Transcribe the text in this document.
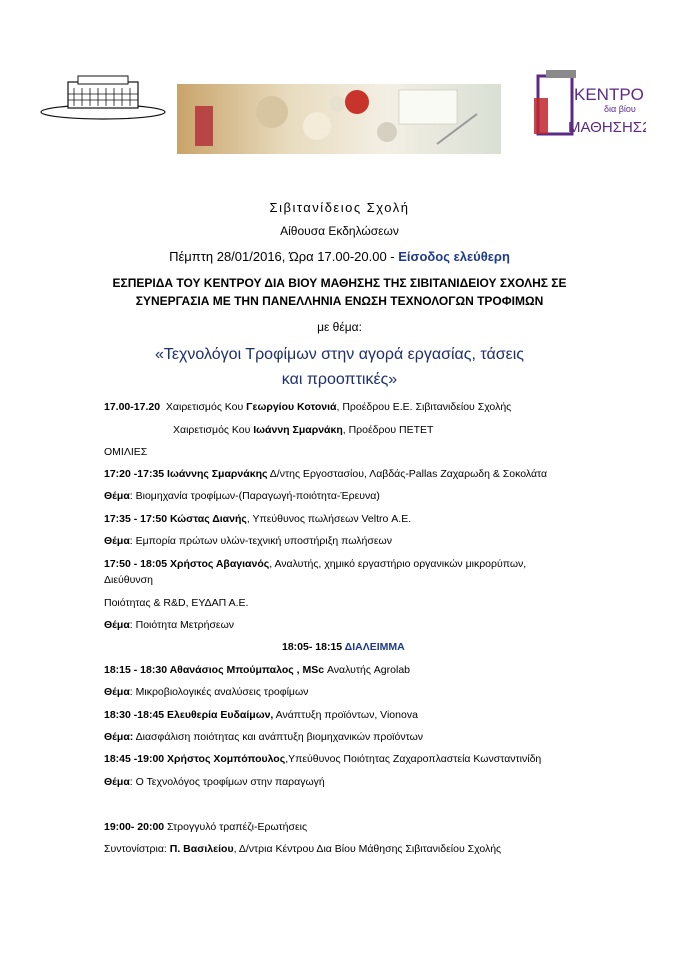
ΚΕΝΤΡΟ
δια βίου
ΜΑΘΗΣΗΣ2
Σιβιτανίδειος Σχολή
Αίθουσα Εκδηλώσεων
Πέμπτη 28/01/2016, Ώρα 17.00-20.00 - Είσοδος ελεύθερη
ΕΣΠΕΡΙΔΑ ΤΟΥ ΚΕΝΤΡΟΥ ΔΙΑ ΒΙΟΥ ΜΑΘΗΣΗΣ ΤΗΣ ΣΙΒΙΤΑΝΙΔΕΙΟΥ ΣΧΟΛΗΣ ΣΕ
ΣΥΝΕΡΓΑΣΙΑ ΜΕ ΤΗΝ ΠΑΝΕΛΛΗΝΙΑ ΕΝΩΣΗ ΤΕΧΝΟΛΟΓΩΝ ΤΡΟΦΙΜΩΝ
με θέμα:
«Τεχνολόγοι Τροφίμων στην αγορά εργασίας, τάσεις
και προοπτικές»
17.00-17.20 Χαιρετισμός Κου Γεωργίου Κοτονιά, Προέδρου Ε.Ε. Σιβιτανιδείου Σχολής
Χαιρετισμός Κου Ιωάννη Σμαρνάκη, Προέδρου ΠΕΤΕΤ
ΟΜΙΛΙΕΣ
17:20 -17:35 Ιωάννης Σμαρνάκης Δ/ντης Εργοστασίου, Λαβδάς-Pallas Ζαχαρωδη & Σοκολάτα
Θέμα: Βιομηχανία τροφίμων-(Παραγωγή-ποιότητα-Έρευνα)
17:35 - 17:50 Κώστας Διανής, Υπεύθυνος πωλήσεων Veltro Α.Ε.
Θέμα: Εμπορία πρώτων υλών-τεχνική υποστήριξη πωλήσεων
17:50 - 18:05 Χρήστος Αβαγιανός, Αναλυτής, χημικό εργαστήριο οργανικών μικρορύπων,
Διεύθυνση
Ποιότητας & R&D, ΕΥΔΑΠ Α.Ε.
Θέμα: Ποιότητα Μετρήσεων
18:05- 18:15 ΔΙΑΛΕΙΜΜΑ
18:15 - 18:30 Αθανάσιος Μπούμπαλος , MSc Αναλυτής Agrolab
Θέμα: Μικροβιολογικές αναλύσεις τροφίμων
18:30 -18:45 Ελευθερία Ευδαίμων, Ανάπτυξη προϊόντων, Vionova
Θέμα: Διασφάλιση ποιότητας και ανάπτυξη βιομηχανικών προϊόντων
18:45 -19:00 Χρήστος Χομπόπουλος,Υπεύθυνος Ποιότητας Ζαχαροπλαστεία Κωνσταντινίδη
Θέμα: Ο Τεχνολόγος τροφίμων στην παραγωγή
19:00- 20:00 Στρογγυλό τραπέζι-Ερωτήσεις
Συντονίστρια: Π. Βασιλείου, Δ/ντρια Κέντρου Δια Βίου Μάθησης Σιβιτανιδείου Σχολής
